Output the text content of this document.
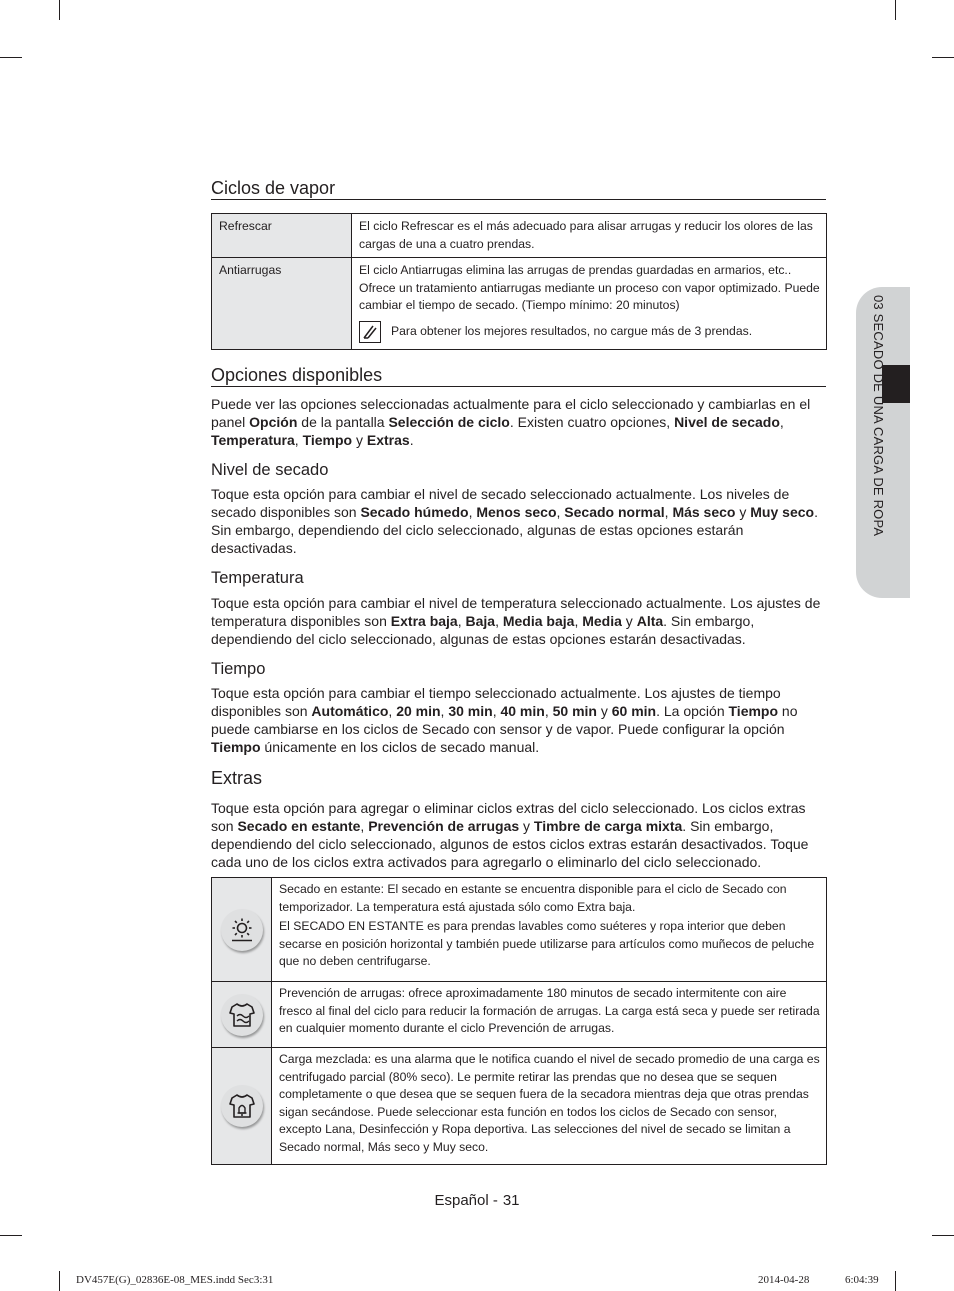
Ciclos de vapor
Refrescar	El ciclo Refrescar es el más adecuado para alisar arrugas y reducir los olores de las cargas de una a cuatro prendas.
Antiarrugas	El ciclo Antiarrugas elimina las arrugas de prendas guardadas en armarios, etc.. Ofrece un tratamiento antiarrugas mediante un proceso con vapor optimizado. Puede cambiar el tiempo de secado. (Tiempo mínimo: 20 minutos)
Para obtener los mejores resultados, no cargue más de 3 prendas.
Opciones disponibles

Puede ver las opciones seleccionadas actualmente para el ciclo seleccionado y cambiarlas en el panel Opción de la pantalla Selección de ciclo. Existen cuatro opciones, Nivel de secado, Temperatura, Tiempo y Extras.

Nivel de secado

Toque esta opción para cambiar el nivel de secado seleccionado actualmente. Los niveles de secado disponibles son Secado húmedo, Menos seco, Secado normal, Más seco y Muy seco. Sin embargo, dependiendo del ciclo seleccionado, algunas de estas opciones estarán desactivadas.

Temperatura

Toque esta opción para cambiar el nivel de temperatura seleccionado actualmente. Los ajustes de temperatura disponibles son Extra baja, Baja, Media baja, Media y Alta. Sin embargo, dependiendo del ciclo seleccionado, algunas de estas opciones estarán desactivadas.

Tiempo

Toque esta opción para cambiar el tiempo seleccionado actualmente. Los ajustes de tiempo disponibles son Automático, 20 min, 30 min, 40 min, 50 min y 60 min. La opción Tiempo no puede cambiarse en los ciclos de Secado con sensor y de vapor. Puede configurar la opción Tiempo únicamente en los ciclos de secado manual.

Extras

Toque esta opción para agregar o eliminar ciclos extras del ciclo seleccionado. Los ciclos extras son Secado en estante, Prevención de arrugas y Timbre de carga mixta. Sin embargo, dependiendo del ciclo seleccionado, algunos de estos ciclos extras estarán desactivados. Toque cada uno de los ciclos extra activados para agregarlo o eliminarlo del ciclo seleccionado.

Secado en estante: El secado en estante se encuentra disponible para el ciclo de Secado con temporizador. La temperatura está ajustada sólo como Extra baja.

El SECADO EN ESTANTE es para prendas lavables como suéteres y ropa interior que deben secarse en posición horizontal y también puede utilizarse para artículos como muñecos de peluche que no deben centrifugarse.

Prevención de arrugas: ofrece aproximadamente 180 minutos de secado intermitente con aire fresco al final del ciclo para reducir la formación de arrugas. La carga está seca y puede ser retirada en cualquier momento durante el ciclo Prevención de arrugas.

Carga mezclada: es una alarma que le notifica cuando el nivel de secado promedio de una carga es centrifugado parcial (80% seco). Le permite retirar las prendas que no desea que se sequen completamente o que desea que se sequen fuera de la secadora mientras deja que otras prendas sigan secándose. Puede seleccionar esta función en todos los ciclos de Secado con sensor, excepto Lana, Desinfección y Ropa deportiva. Las selecciones del nivel de secado se limitan a Secado normal, Más seco y Muy seco.

03 SECADO DE UNA CARGA DE ROPA
Español - 31
DV457E(G)_02836E-08_MES.indd Sec3:31	2014-04-28	6:04:39
